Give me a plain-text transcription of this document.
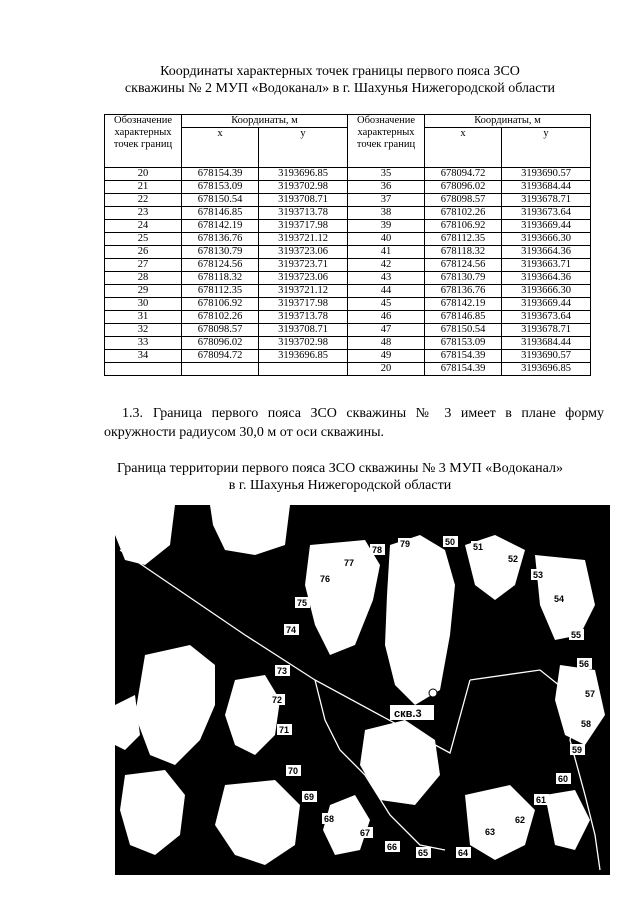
Координаты характерных точек границы первого пояса ЗСО
скважины № 2 МУП «Водоканал» в г. Шахунья Нижегородской области
Обозначение характерных точек границ	Координаты, м		Обозначение характерных точек границ	Координаты, м	
	x	y		x	y
20	678154.39	3193696.85	35	678094.72	3193690.57
21	678153.09	3193702.98	36	678096.02	3193684.44
22	678150.54	3193708.71	37	678098.57	3193678.71
23	678146.85	3193713.78	38	678102.26	3193673.64
24	678142.19	3193717.98	39	678106.92	3193669.44
25	678136.76	3193721.12	40	678112.35	3193666.30
26	678130.79	3193723.06	41	678118.32	3193664.36
27	678124.56	3193723.71	42	678124.56	3193663.71
28	678118.32	3193723.06	43	678130.79	3193664.36
29	678112.35	3193721.12	44	678136.76	3193666.30
30	678106.92	3193717.98	45	678142.19	3193669.44
31	678102.26	3193713.78	46	678146.85	3193673.64
32	678098.57	3193708.71	47	678150.54	3193678.71
33	678096.02	3193702.98	48	678153.09	3193684.44
34	678094.72	3193696.85	49	678154.39	3193690.57
			20	678154.39	3193696.85
1.3. Граница первого пояса ЗСО скважины № 3 имеет в плане форму окружности радиусом 30,0 м от оси скважины.
Граница территории первого пояса ЗСО скважины № 3 МУП «Водоканал»
в г. Шахунья Нижегородской области
скв.3
50 51
52
53
54
55
56
57
58
59
60
61
62
63
64
65
66
67
68
69
70
71
72
73
74
75
76
77
78
79
